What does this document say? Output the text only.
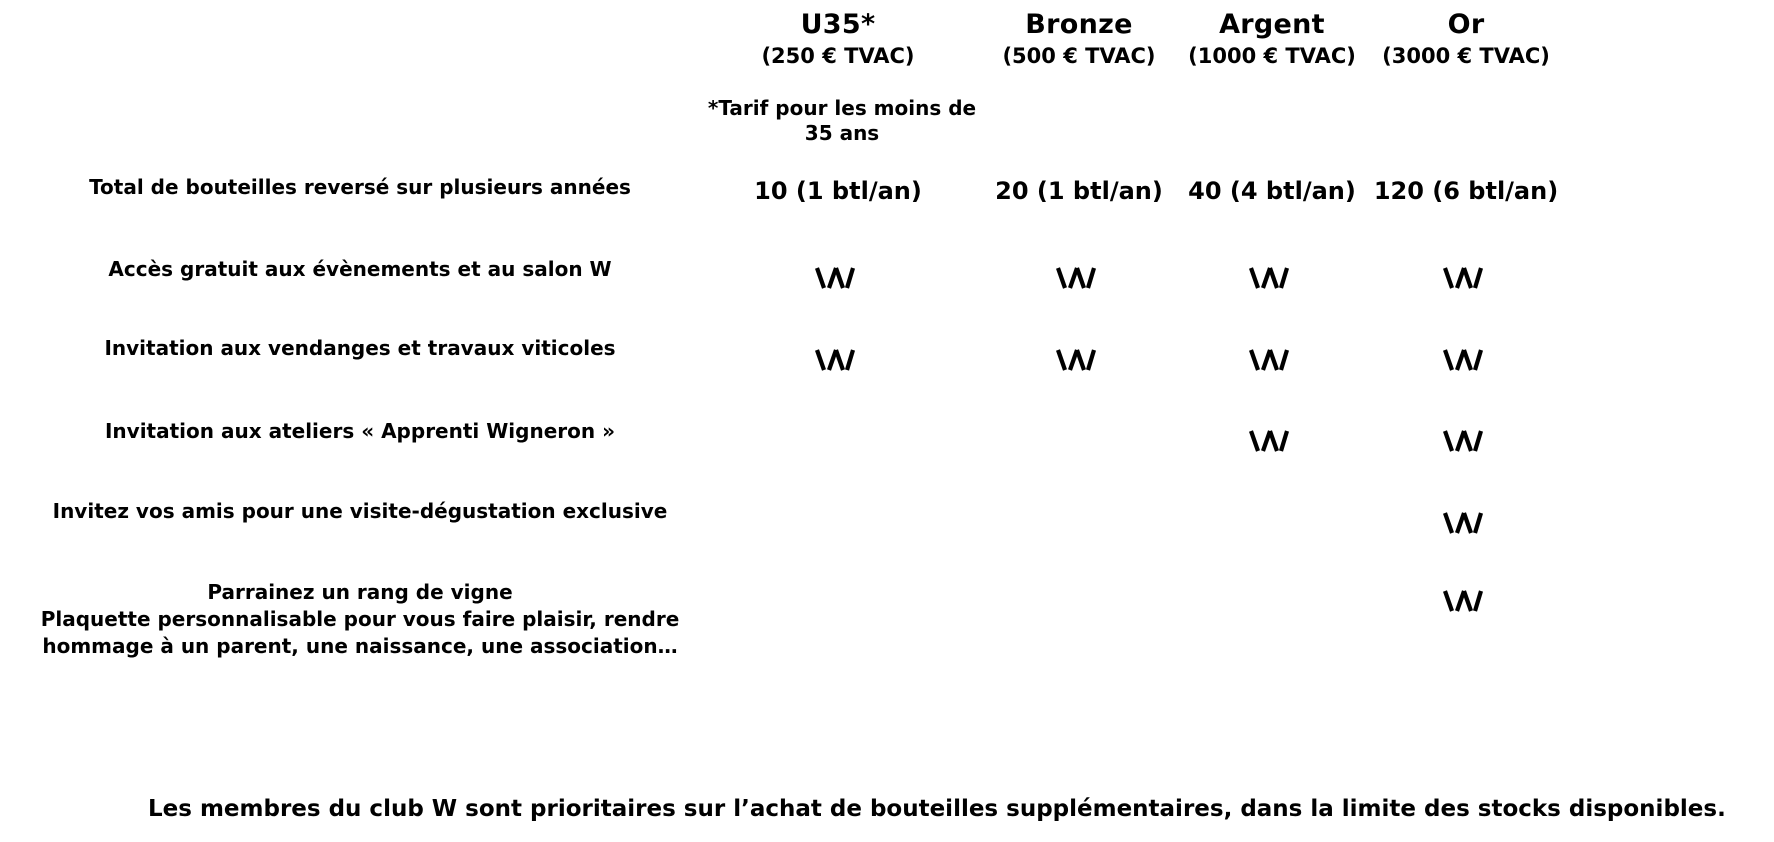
U35*
(250 € TVAC)
Bronze
(500 € TVAC)
Argent
(1000 € TVAC)
Or
(3000 € TVAC)
*Tarif pour les moins de 35 ans
Total de bouteilles reversé sur plusieurs années
Accès gratuit aux évènements et au salon W
Invitation aux vendanges et travaux viticoles
Invitation aux ateliers « Apprenti Wigneron »
Invitez vos amis pour une visite-dégustation exclusive
Parrainez un rang de vigne
Plaquette personnalisable pour vous faire plaisir, rendre
hommage à un parent, une naissance, une association…
10 (1 btl/an)	20 (1 btl/an)	40 (4 btl/an) 120 (6 btl/an)
Les membres du club W sont prioritaires sur l’achat de bouteilles supplémentaires, dans la limite des stocks disponibles.
